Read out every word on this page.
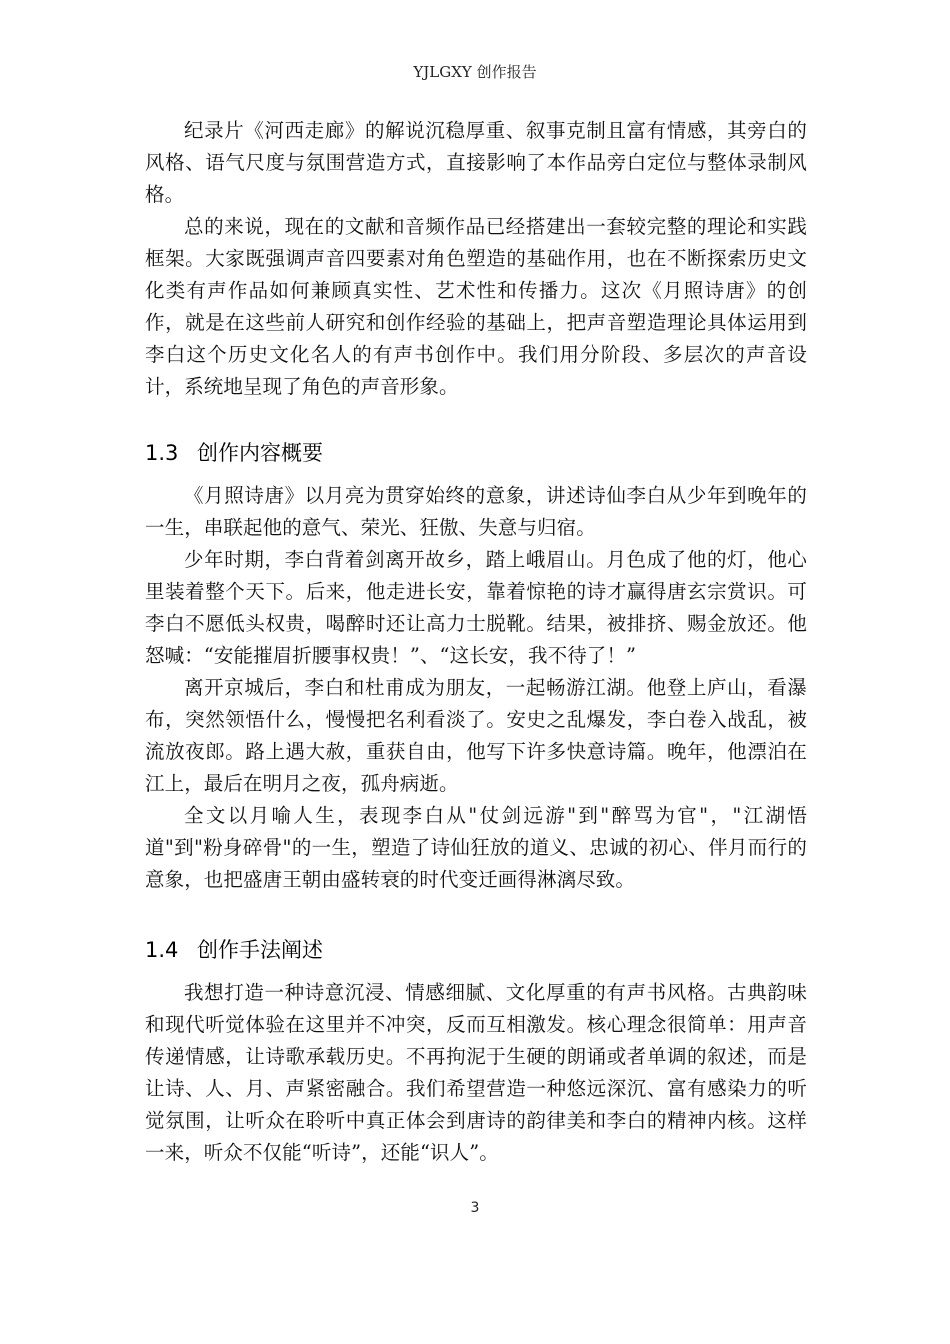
YJLGXY 创作报告

纪录片《河西走廊》的解说沉稳厚重、叙事克制且富有情感，其旁白的风格、语气尺度与氛围营造方式，直接影响了本作品旁白定位与整体录制风格。

总的来说，现在的文献和音频作品已经搭建出一套较完整的理论和实践框架。大家既强调声音四要素对角色塑造的基础作用，也在不断探索历史文化类有声作品如何兼顾真实性、艺术性和传播力。这次《月照诗唐》的创作，就是在这些前人研究和创作经验的基础上，把声音塑造理论具体运用到李白这个历史文化名人的有声书创作中。我们用分阶段、多层次的声音设计，系统地呈现了角色的声音形象。

1.3 创作内容概要

《月照诗唐》以月亮为贯穿始终的意象，讲述诗仙李白从少年到晚年的一生，串联起他的意气、荣光、狂傲、失意与归宿。

少年时期，李白背着剑离开故乡，踏上峨眉山。月色成了他的灯，他心里装着整个天下。后来，他走进长安，靠着惊艳的诗才赢得唐玄宗赏识。可李白不愿低头权贵，喝醉时还让高力士脱靴。结果，被排挤、赐金放还。他怒喊：“安能摧眉折腰事权贵！”、“这长安，我不待了！”

离开京城后，李白和杜甫成为朋友，一起畅游江湖。他登上庐山，看瀑布，突然领悟什么，慢慢把名利看淡了。安史之乱爆发，李白卷入战乱，被流放夜郎。路上遇大赦，重获自由，他写下许多快意诗篇。晚年，他漂泊在江上，最后在明月之夜，孤舟病逝。

全文以月喻人生，表现李白从"仗剑远游"到"醉骂为官"，"江湖悟道"到"粉身碎骨"的一生，塑造了诗仙狂放的道义、忠诚的初心、伴月而行的意象，也把盛唐王朝由盛转衰的时代变迁画得淋漓尽致。

1.4 创作手法阐述

我想打造一种诗意沉浸、情感细腻、文化厚重的有声书风格。古典韵味和现代听觉体验在这里并不冲突，反而互相激发。核心理念很简单：用声音传递情感，让诗歌承载历史。不再拘泥于生硬的朗诵或者单调的叙述，而是让诗、人、月、声紧密融合。我们希望营造一种悠远深沉、富有感染力的听觉氛围，让听众在聆听中真正体会到唐诗的韵律美和李白的精神内核。这样一来，听众不仅能“听诗”，还能“识人”。

3
